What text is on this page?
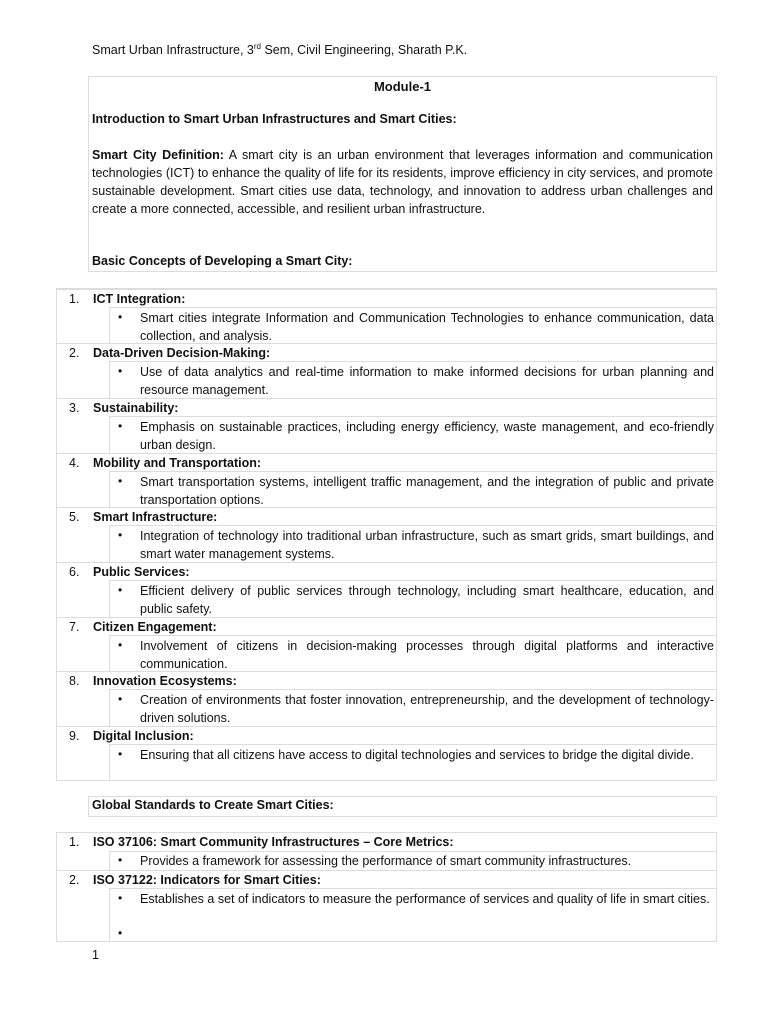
Smart Urban Infrastructure, 3rd Sem, Civil Engineering, Sharath P.K.
Module-1
Introduction to Smart Urban Infrastructures and Smart Cities:
Smart City Definition: A smart city is an urban environment that leverages information and communication technologies (ICT) to enhance the quality of life for its residents, improve efficiency in city services, and promote sustainable development. Smart cities use data, technology, and innovation to address urban challenges and create a more connected, accessible, and resilient urban infrastructure.
Basic Concepts of Developing a Smart City:
1. ICT Integration:
• Smart cities integrate Information and Communication Technologies to enhance communication, data collection, and analysis.
2. Data-Driven Decision-Making:
• Use of data analytics and real-time information to make informed decisions for urban planning and resource management.
3. Sustainability:
• Emphasis on sustainable practices, including energy efficiency, waste management, and eco-friendly urban design.
4. Mobility and Transportation:
• Smart transportation systems, intelligent traffic management, and the integration of public and private transportation options.
5. Smart Infrastructure:
• Integration of technology into traditional urban infrastructure, such as smart grids, smart buildings, and smart water management systems.
6. Public Services:
• Efficient delivery of public services through technology, including smart healthcare, education, and public safety.
7. Citizen Engagement:
• Involvement of citizens in decision-making processes through digital platforms and interactive communication.
8. Innovation Ecosystems:
• Creation of environments that foster innovation, entrepreneurship, and the development of technology-driven solutions.
9. Digital Inclusion:
• Ensuring that all citizens have access to digital technologies and services to bridge the digital divide.
Global Standards to Create Smart Cities:
1. ISO 37106: Smart Community Infrastructures – Core Metrics:
• Provides a framework for assessing the performance of smart community infrastructures.
2. ISO 37122: Indicators for Smart Cities:
• Establishes a set of indicators to measure the performance of services and quality of life in smart cities.
•
1
